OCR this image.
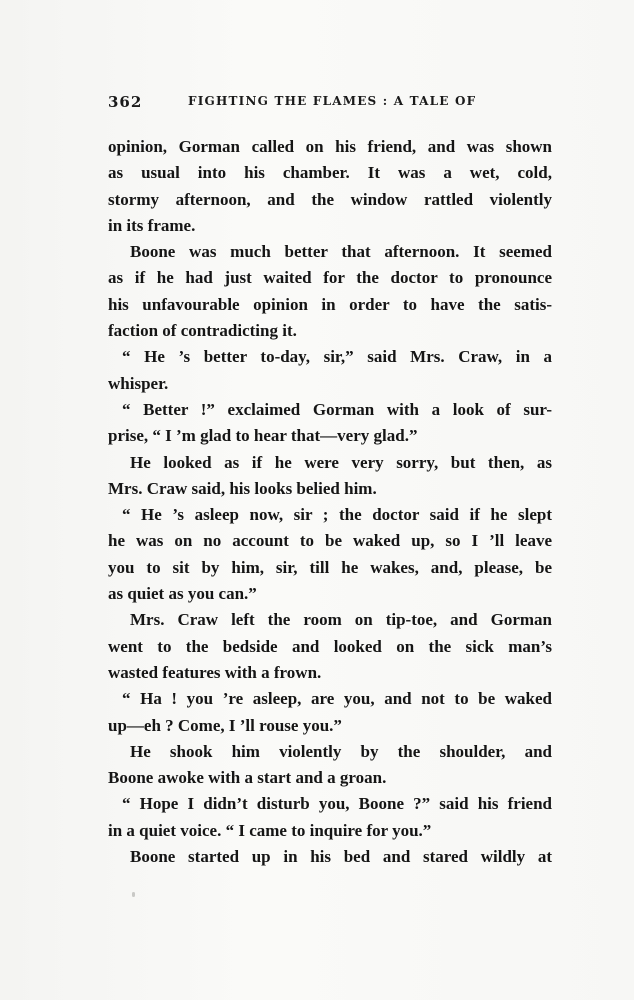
362	FIGHTING THE FLAMES : A TALE OF
opinion, Gorman called on his friend, and was shown
as usual into his chamber. It was a wet, cold,
stormy afternoon, and the window rattled violently
in its frame.
Boone was much better that afternoon. It seemed
as if he had just waited for the doctor to pronounce
his unfavourable opinion in order to have the satis-
faction of contradicting it.
“ He ’s better to-day, sir,” said Mrs. Craw, in a
whisper.
“ Better !” exclaimed Gorman with a look of sur-
prise, “ I ’m glad to hear that—very glad.”
He looked as if he were very sorry, but then, as
Mrs. Craw said, his looks belied him.
“ He ’s asleep now, sir ; the doctor said if he slept
he was on no account to be waked up, so I ’ll leave
you to sit by him, sir, till he wakes, and, please, be
as quiet as you can.”
Mrs. Craw left the room on tip-toe, and Gorman
went to the bedside and looked on the sick man’s
wasted features with a frown.
“ Ha ! you ’re asleep, are you, and not to be waked
up—eh ? Come, I ’ll rouse you.”
He shook him violently by the shoulder, and
Boone awoke with a start and a groan.
“ Hope I didn’t disturb you, Boone ?” said his friend
in a quiet voice. “ I came to inquire for you.”
Boone started up in his bed and stared wildly at
